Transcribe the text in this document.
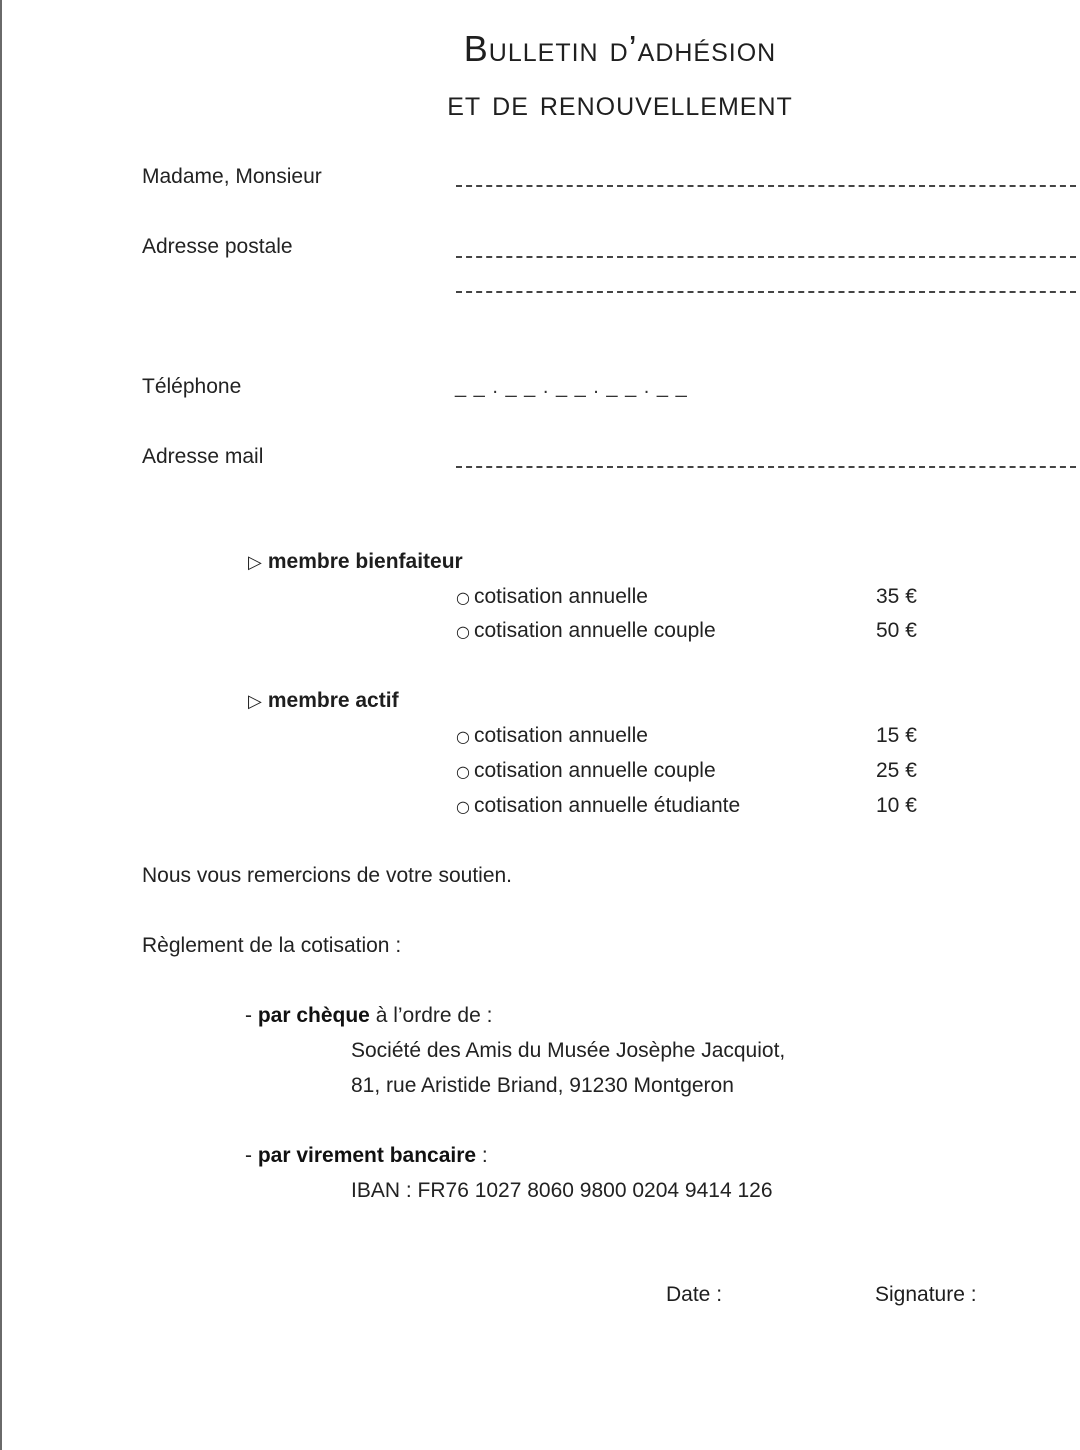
Bulletin d’adhésion
et de renouvellement
Madame, Monsieur
Adresse postale
Téléphone	_ _ . _ _ . _ _ . _ _ . _ _
Adresse mail
▷ membre bienfaiteur
○ cotisation annuelle	35 €
○ cotisation annuelle couple	50 €
▷ membre actif
○ cotisation annuelle	15 €
○ cotisation annuelle couple	25 €
○ cotisation annuelle étudiante	10 €
Nous vous remercions de votre soutien.
Règlement de la cotisation :
- par chèque à l’ordre de :
Société des Amis du Musée Josèphe Jacquiot,
81, rue Aristide Briand, 91230 Montgeron
- par virement bancaire :
IBAN : FR76 1027 8060 9800 0204 9414 126
Date :	Signature :
